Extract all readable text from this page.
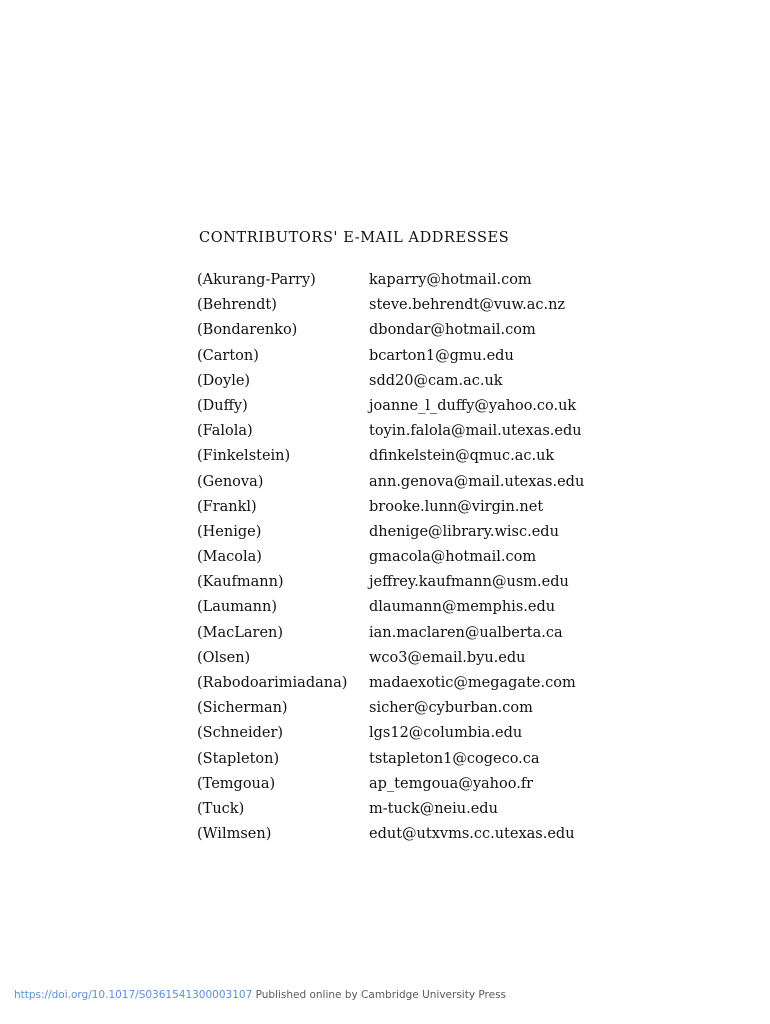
CONTRIBUTORS' E-MAIL ADDRESSES
(Akurang-Parry)	kaparry@hotmail.com
(Behrendt)	steve.behrendt@vuw.ac.nz
(Bondarenko)	dbondar@hotmail.com
(Carton)	bcarton1@gmu.edu
(Doyle)	sdd20@cam.ac.uk
(Duffy)	joanne_l_duffy@yahoo.co.uk
(Falola)	toyin.falola@mail.utexas.edu
(Finkelstein)	dfinkelstein@qmuc.ac.uk
(Genova)	ann.genova@mail.utexas.edu
(Frankl)	brooke.lunn@virgin.net
(Henige)	dhenige@library.wisc.edu
(Macola)	gmacola@hotmail.com
(Kaufmann)	jeffrey.kaufmann@usm.edu
(Laumann)	dlaumann@memphis.edu
(MacLaren)	ian.maclaren@ualberta.ca
(Olsen)	wco3@email.byu.edu
(Rabodoarimiadana) madaexotic@megagate.com
(Sicherman)	sicher@cyburban.com
(Schneider)	lgs12@columbia.edu
(Stapleton)	tstapleton1@cogeco.ca
(Temgoua)	ap_temgoua@yahoo.fr
(Tuck)	m-tuck@neiu.edu
(Wilmsen)	edut@utxvms.cc.utexas.edu
https://doi.org/10.1017/S0361541300003107 Published online by Cambridge University Press
